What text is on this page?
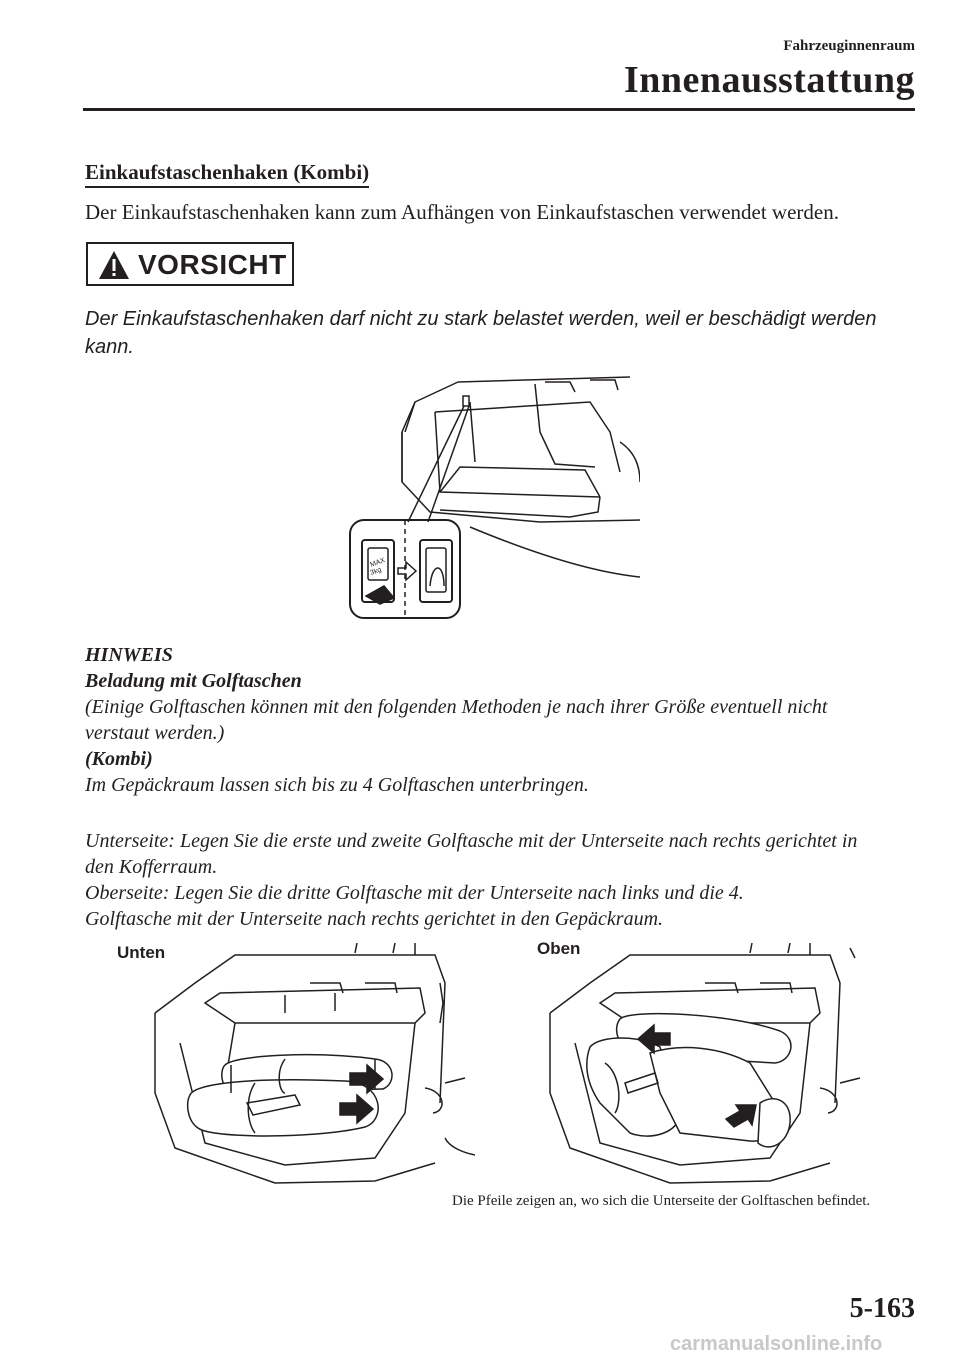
Fahrzeuginnenraum
Innenausstattung
Einkaufstaschenhaken (Kombi)
Der Einkaufstaschenhaken kann zum Aufhängen von Einkaufstaschen verwendet werden.
VORSICHT
Der Einkaufstaschenhaken darf nicht zu stark belastet werden, weil er beschädigt werden kann.
MAX
3kg
HINWEIS
Beladung mit Golftaschen
(Einige Golftaschen können mit den folgenden Methoden je nach ihrer Größe eventuell nicht verstaut werden.)
(Kombi)
Im Gepäckraum lassen sich bis zu 4 Golftaschen unterbringen.
Unterseite: Legen Sie die erste und zweite Golftasche mit der Unterseite nach rechts gerichtet in den Kofferraum.
Oberseite: Legen Sie die dritte Golftasche mit der Unterseite nach links und die 4. Golftasche mit der Unterseite nach rechts gerichtet in den Gepäckraum.
Unten	Oben
Die Pfeile zeigen an, wo sich die Unterseite der Golftaschen befindet.
5-163
carmanualsonline.info
